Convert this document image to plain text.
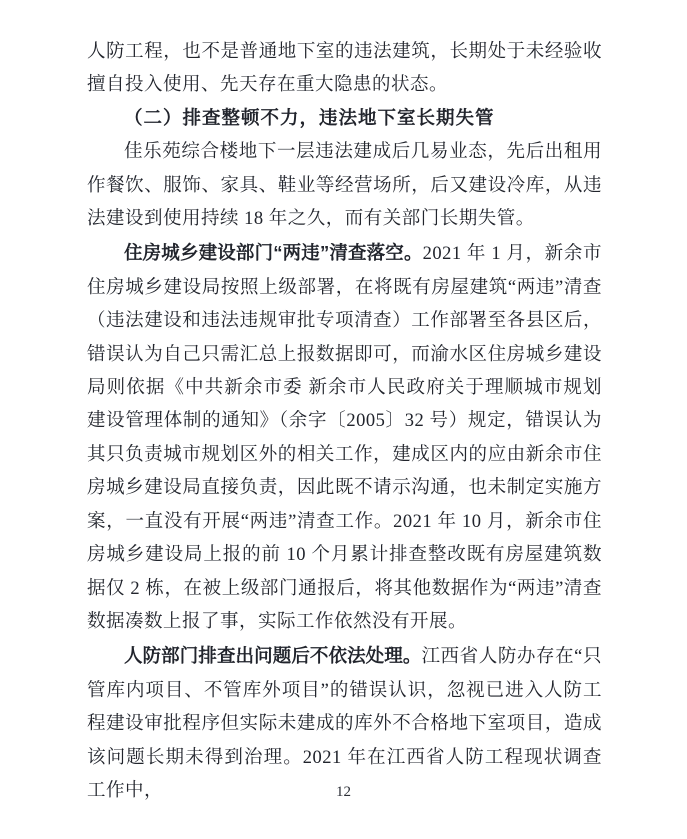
人防工程，也不是普通地下室的违法建筑，长期处于未经验收擅自投入使用、先天存在重大隐患的状态。

（二）排查整顿不力，违法地下室长期失管

佳乐苑综合楼地下一层违法建成后几易业态，先后出租用作餐饮、服饰、家具、鞋业等经营场所，后又建设冷库，从违法建设到使用持续 18 年之久，而有关部门长期失管。

住房城乡建设部门“两违”清查落空。2021 年 1 月，新余市住房城乡建设局按照上级部署，在将既有房屋建筑“两违”清查（违法建设和违法违规审批专项清查）工作部署至各县区后，错误认为自己只需汇总上报数据即可，而渝水区住房城乡建设局则依据《中共新余市委 新余市人民政府关于理顺城市规划建设管理体制的通知》（余字〔2005〕32 号）规定，错误认为其只负责城市规划区外的相关工作，建成区内的应由新余市住房城乡建设局直接负责，因此既不请示沟通，也未制定实施方案，一直没有开展“两违”清查工作。2021 年 10 月，新余市住房城乡建设局上报的前 10 个月累计排查整改既有房屋建筑数据仅 2 栋，在被上级部门通报后，将其他数据作为“两违”清查数据凑数上报了事，实际工作依然没有开展。

人防部门排查出问题后不依法处理。江西省人防办存在“只管库内项目、不管库外项目”的错误认识，忽视已进入人防工程建设审批程序但实际未建成的库外不合格地下室项目，造成该问题长期未得到治理。2021 年在江西省人防工程现状调查工作中，	12
